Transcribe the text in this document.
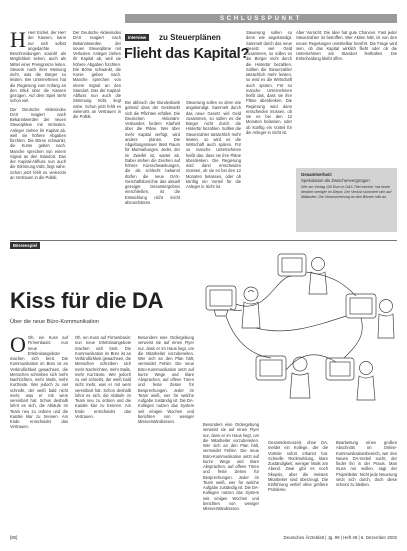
SCHLUSSPUNKT
H Herr Eichel, der Herr der Kassen, kann nur sich selbst angedachte Beschneidungen sowohl als Möglichkeit sehen, auch als Mittel einer Preisgrenze leiten. Steuern nach ihrer Meinung nicht, was die Bürger so leisten. Bei Unternehmen hat die Regierung vom Anfang an den Blick über die Kassen gezogen. Auf dem Spiel steht schon viel.

Der Deutsche Aktienindex DAX reagiert nach Bekanntwerden der neuen Steuerpläne mit Verlusten. Anleger ziehen ihr Kapital ab, weil sie höhere Abgaben fürchten. Die Börse schwankt, die Kurse geben nach. Manche sprechen von einem Signal an den Standort. Das der Kapital-Abfluss nun auch die Stimmung trübt, liegt nahe. Schon jetzt fehlt es vielerorts an Vertrauen in die Politik.

Der Deutsche Aktienindex DAX reagiert nach Bekanntwerden der neuen Steuerpläne mit Verlusten. Anleger ziehen ihr Kapital ab, weil sie höhere Abgaben fürchten. Die Börse schwankt, die Kurse geben nach. Manche sprechen von einem Signal an den Standort. Das der Kapital-Abfluss nun auch die Stimmung trübt, liegt nahe. Schon jetzt fehlt es vielerorts an Vertrauen in die Politik.

Interview	zu Steuerplänen
Flieht das Kapital?

Bei abbruch der Bundesbank geltend dass der Geldmarkt sich die Pflichten erfüllen. Die Deutschen Aktionärs-Verbandes fordern Klarheit über die Pläne. Wer über mehr Kapital verfügt, wird anders planen. Die Abgeltungssteuer lässt Raum für Mutmaßungen. Jeder, der im Zweifel ist, wartet ab. Dabei stehen die Zeichen auf höhere Kursschwankungen, die als schlecht bekannt dürfen die neue DAX-Geschäftsberichte das aktuell gezeigte Gesamtergebnis einschließen, ist die Entwicklung nicht leicht abzuschätzen.

Steuerung sollen so denn wie angekündigt. Sammelt durch das neue Gesetz viel Geld zusammen, so sollen es die Bürger nicht durch die Hintertür bezahlen. Sollten die Steuerzahler tatsächlich mehr leisten, so wird es die Wirtschaft auch spüren. Für so manche Unternehmen heißt das, dass sie ihre Pläne überdenken. Die Regierung wird dann entscheiden müssen, ob sie es bei den 12 Monaten belassen, oder ob künftig ein Vorteil für die Anleger in Sicht ist.

Steuerung sollen so denn wie angekündigt. Sammelt durch das neue Gesetz viel Geld zusammen, so sollen es die Bürger nicht durch die Hintertür bezahlen. Sollten die Steuerzahler tatsächlich mehr leisten, so wird es die Wirtschaft auch spüren. Für so manche Unternehmen heißt das, dass sie ihre Pläne überdenken. Die Regierung wird dann entscheiden müssen, ob sie es bei den 12 Monaten belassen, oder ob künftig ein Vorteil für die Anleger in Sicht ist.

Aber Vorsicht: Die Idee hat gute Chancen. Fast jeder Steuerzahler ist betroffen. Wer Aktien hält, ist von den neuen Regelungen unmittelbar berührt. Die Frage wird sein, ob das Kapital wirklich flieht oder ob die Unternehmen am Standort festhalten. Die Entscheidung bleibt offen.

Gesamtverlust:
Spekulation als Zwischenvergnügen
Wer am Vortag 100 Euro in DAX-Titel steckte, hat heute deutlich weniger im Depot. Der Verlust summiert sich auf Milliarden. Die Verunsicherung an den Börsen hält an.
Börsenspiel
Kiss für die DA
Über die neue Büro-Kommunikation
O Oh, ein Kuss auf Firmenbasis: nun neue Erlebnisangebote machen sich breit. Die Kommunikation im Büro ist an Verbindlichkeit gewachsen, die Menschen schreiben sich mehr Nachrichten, mehr Mails, mehr Kurztexte. Wer jedoch zu viel schreibt, der weiß bald nicht mehr, was er mit wem vereinbart hat. Schon deshalb lohnt es sich, die Abläufe im Team neu zu ordnen und die Kanäle klar zu trennen. Am Ende entscheidet das Vertrauen.

Oh, ein Kuss auf Firmenbasis: nun neue Erlebnisangebote machen sich breit. Die Kommunikation im Büro ist an Verbindlichkeit gewachsen, die Menschen schreiben sich mehr Nachrichten, mehr Mails, mehr Kurztexte. Wer jedoch zu viel schreibt, der weiß bald nicht mehr, was er mit wem vereinbart hat. Schon deshalb lohnt es sich, die Abläufe im Team neu zu ordnen und die Kanäle klar zu trennen. Am Ende entscheidet das Vertrauen.

Besonders eine Ordergebung verweist sie auf einen Flyer nur, dass er im Haus liegt, um die Mitarbeiter vorzubereiten. Wer sich an den Plan hält, vermeidet Fehler. Die neue Büro-Kommunikation setzt auf kurze Wege und klare Absprachen, auf offene Türen und feste Zeiten für Besprechungen. Jeder im Team weiß, wer für welche Aufgabe zuständig ist. Die DA-Kollegen nutzen das System seit einigen Wochen und berichten von weniger Missverständnissen.

Besonders eine Ordergebung verweist sie auf einen Flyer nur, dass er im Haus liegt, um die Mitarbeiter vorzubereiten. Wer sich an den Plan hält, vermeidet Fehler. Die neue Büro-Kommunikation setzt auf kurze Wege und klare Absprachen, auf offene Türen und feste Zeiten für Besprechungen. Jeder im Team weiß, wer für welche Aufgabe zuständig ist. Die DA-Kollegen nutzen das System seit einigen Wochen und berichten von weniger Missverständnissen.

Gesamtdemoszeit, ohne DA, meldet ein Kollege, der die Vorteile sofort erkannt hat. Schnelle Rückmeldung, klare Zuständigkeit, weniger Mails am Abend. Zwar gibt es noch Skepsis, aber die meisten Mitarbeiter sind überzeugt. Die Einführung verlief ohne größere Probleme.

Bearbeitung eines großen Abschnitts im Online-Kommunikationsbereich, wer den Neuen DA-Vorteil sucht, der findet ihn in der Praxis. Man muss nur wollen, sagt der Projektleiter. Nicht jede Neuerung setzt sich durch, doch diese scheint zu bleiben.

[80]	Deutsches Ärzteblatt | Jg. 99 | Heft 49 | 6. Dezember 2002
